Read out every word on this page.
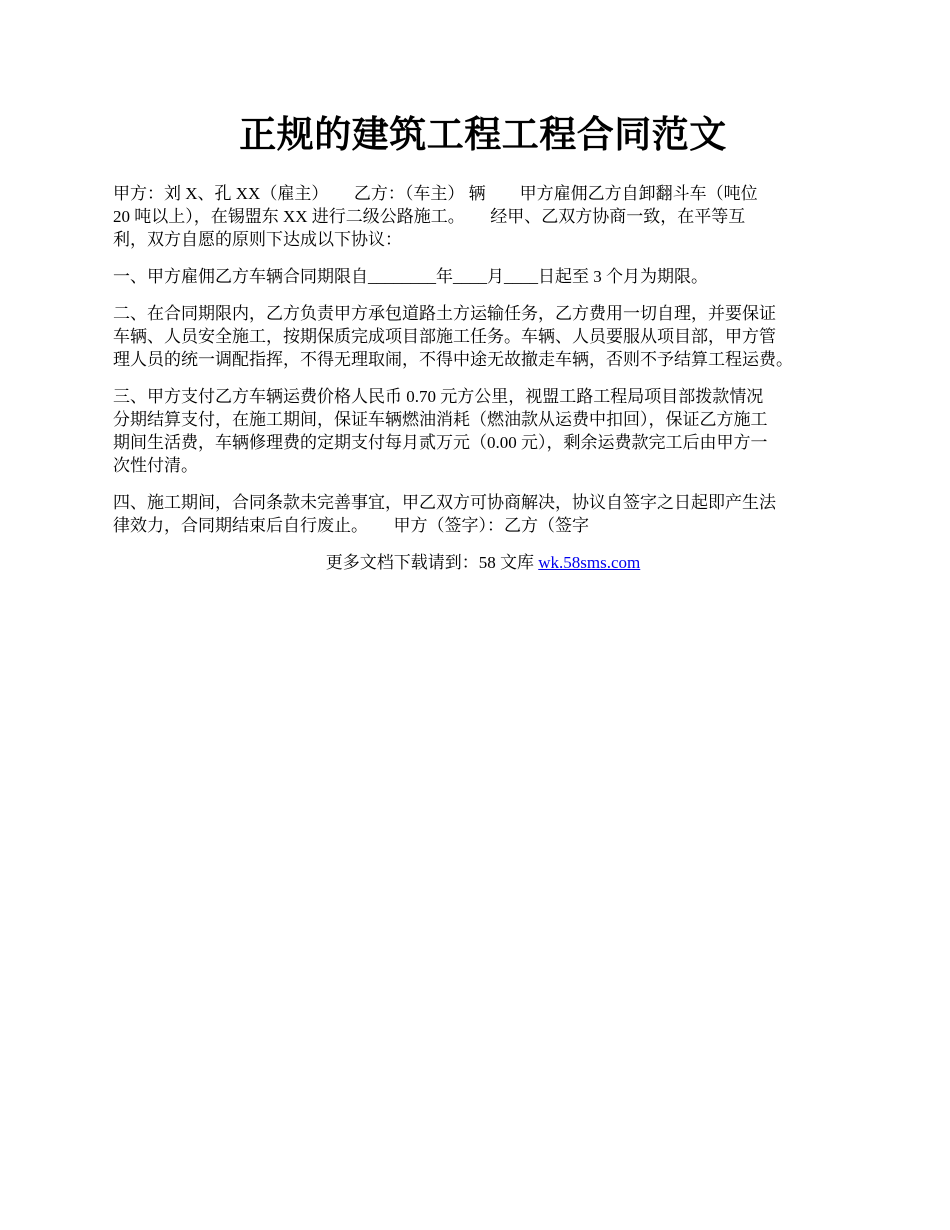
正规的建筑工程工程合同范文
甲方：刘 X、孔 XX（雇主）　　乙方：（车主） 辆　　甲方雇佣乙方自卸翻斗车（吨位
20 吨以上），在锡盟东 XX 进行二级公路施工。　　经甲、乙双方协商一致，在平等互
利，双方自愿的原则下达成以下协议：
一、甲方雇佣乙方车辆合同期限自________年____月____日起至 3 个月为期限。
二、在合同期限内，乙方负责甲方承包道路土方运输任务，乙方费用一切自理，并要保证
车辆、人员安全施工，按期保质完成项目部施工任务。车辆、人员要服从项目部，甲方管
理人员的统一调配指挥，不得无理取闹，不得中途无故撤走车辆，否则不予结算工程运费。
三、甲方支付乙方车辆运费价格人民币 0.70 元方公里，视盟工路工程局项目部拨款情况
分期结算支付，在施工期间，保证车辆燃油消耗（燃油款从运费中扣回），保证乙方施工
期间生活费，车辆修理费的定期支付每月贰万元（0.00 元），剩余运费款完工后由甲方一
次性付清。
四、施工期间，合同条款未完善事宜，甲乙双方可协商解决，协议自签字之日起即产生法
律效力，合同期结束后自行废止。　　甲方（签字）：乙方（签字
更多文档下载请到：58 文库 wk.58sms.com
